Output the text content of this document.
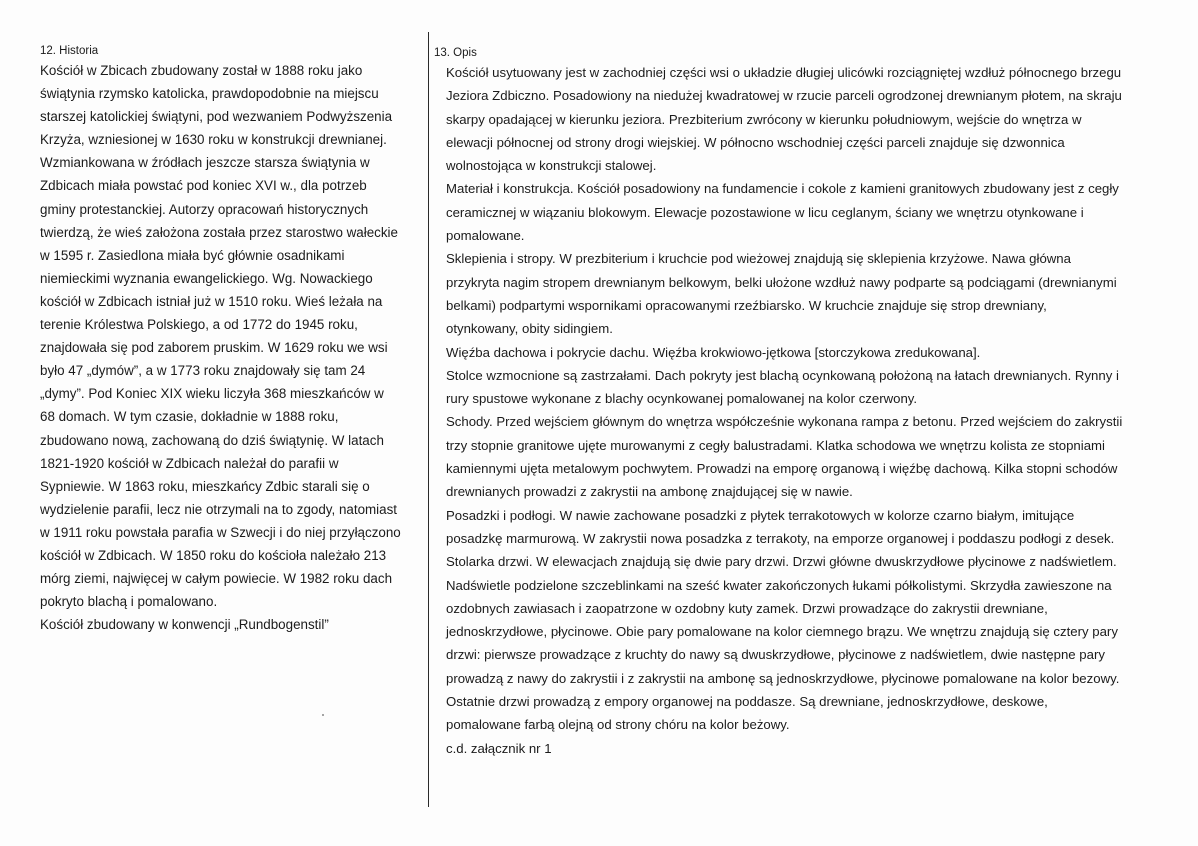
12. Historia
Kościół w Zbicach zbudowany został w 1888 roku jako
świątynia rzymsko katolicka, prawdopodobnie na miejscu
starszej katolickiej świątyni, pod wezwaniem Podwyższenia
Krzyża, wzniesionej w 1630 roku w konstrukcji drewnianej.
Wzmiankowana w źródłach jeszcze starsza świątynia w
Zdbicach miała powstać pod koniec XVI w., dla potrzeb
gminy protestanckiej. Autorzy opracowań historycznych
twierdzą, że wieś założona została przez starostwo wałeckie
w 1595 r. Zasiedlona miała być głównie osadnikami
niemieckimi wyznania ewangelickiego. Wg. Nowackiego
kościół w Zdbicach istniał już w 1510 roku. Wieś leżała na
terenie Królestwa Polskiego, a od 1772 do 1945 roku,
znajdowała się pod zaborem pruskim. W 1629 roku we wsi
było 47 „dymów”, a w 1773 roku znajdowały się tam 24
„dymy”. Pod Koniec XIX wieku liczyła 368 mieszkańców w
68 domach. W tym czasie, dokładnie w 1888 roku,
zbudowano nową, zachowaną do dziś świątynię. W latach
1821-1920 kościół w Zdbicach należał do parafii w
Sypniewie. W 1863 roku, mieszkańcy Zdbic starali się o
wydzielenie parafii, lecz nie otrzymali na to zgody, natomiast
w 1911 roku powstała parafia w Szwecji i do niej przyłączono
kościół w Zdbicach. W 1850 roku do kościoła należało 213
mórg ziemi, najwięcej w całym powiecie. W 1982 roku dach
pokryto blachą i pomalowano.
Kościół zbudowany w konwencji „Rundbogenstil”
13. Opis
Kościół usytuowany jest w zachodniej części wsi o układzie długiej ulicówki rozciągniętej wzdłuż północnego brzegu
Jeziora Zdbiczno. Posadowiony na niedużej kwadratowej w rzucie parceli ogrodzonej drewnianym płotem, na skraju
skarpy opadającej w kierunku jeziora. Prezbiterium zwrócony w kierunku południowym, wejście do wnętrza w
elewacji północnej od strony drogi wiejskiej. W północno wschodniej części parceli znajduje się dzwonnica
wolnostojąca w konstrukcji stalowej.
Materiał i konstrukcja. Kościół posadowiony na fundamencie i cokole z kamieni granitowych zbudowany jest z cegły
ceramicznej w wiązaniu blokowym. Elewacje pozostawione w licu ceglanym, ściany we wnętrzu otynkowane i
pomalowane.
Sklepienia i stropy. W prezbiterium i kruchcie pod wieżowej znajdują się sklepienia krzyżowe. Nawa główna
przykryta nagim stropem drewnianym belkowym, belki ułożone wzdłuż nawy podparte są podciągami (drewnianymi
belkami) podpartymi wspornikami opracowanymi rzeźbiarsko. W kruchcie znajduje się strop drewniany,
otynkowany, obity sidingiem.
Więźba dachowa i pokrycie dachu. Więźba krokwiowo-jętkowa [storczykowa zredukowana].
Stolce wzmocnione są zastrzałami. Dach pokryty jest blachą ocynkowaną położoną na łatach drewnianych. Rynny i
rury spustowe wykonane z blachy ocynkowanej pomalowanej na kolor czerwony.
Schody. Przed wejściem głównym do wnętrza współcześnie wykonana rampa z betonu. Przed wejściem do zakrystii
trzy stopnie granitowe ujęte murowanymi z cegły balustradami. Klatka schodowa we wnętrzu kolista ze stopniami
kamiennymi ujęta metalowym pochwytem. Prowadzi na emporę organową i więźbę dachową. Kilka stopni schodów
drewnianych prowadzi z zakrystii na ambonę znajdującej się w nawie.
Posadzki i podłogi. W nawie zachowane posadzki z płytek terrakotowych w kolorze czarno białym, imitujące
posadzkę marmurową. W zakrystii nowa posadzka z terrakoty, na emporze organowej i poddaszu podłogi z desek.
Stolarka drzwi. W elewacjach znajdują się dwie pary drzwi. Drzwi główne dwuskrzydłowe płycinowe z nadświetlem.
Nadświetle podzielone szczeblinkami na sześć kwater zakończonych łukami półkolistymi. Skrzydła zawieszone na
ozdobnych zawiasach i zaopatrzone w ozdobny kuty zamek. Drzwi prowadzące do zakrystii drewniane,
jednoskrzydłowe, płycinowe. Obie pary pomalowane na kolor ciemnego brązu. We wnętrzu znajdują się cztery pary
drzwi: pierwsze prowadzące z kruchty do nawy są dwuskrzydłowe, płycinowe z nadświetlem, dwie następne pary
prowadzą z nawy do zakrystii i z zakrystii na ambonę są jednoskrzydłowe, płycinowe pomalowane na kolor bezowy.
Ostatnie drzwi prowadzą z empory organowej na poddasze. Są drewniane, jednoskrzydłowe, deskowe,
pomalowane farbą olejną od strony chóru na kolor beżowy.
c.d. załącznik nr 1
